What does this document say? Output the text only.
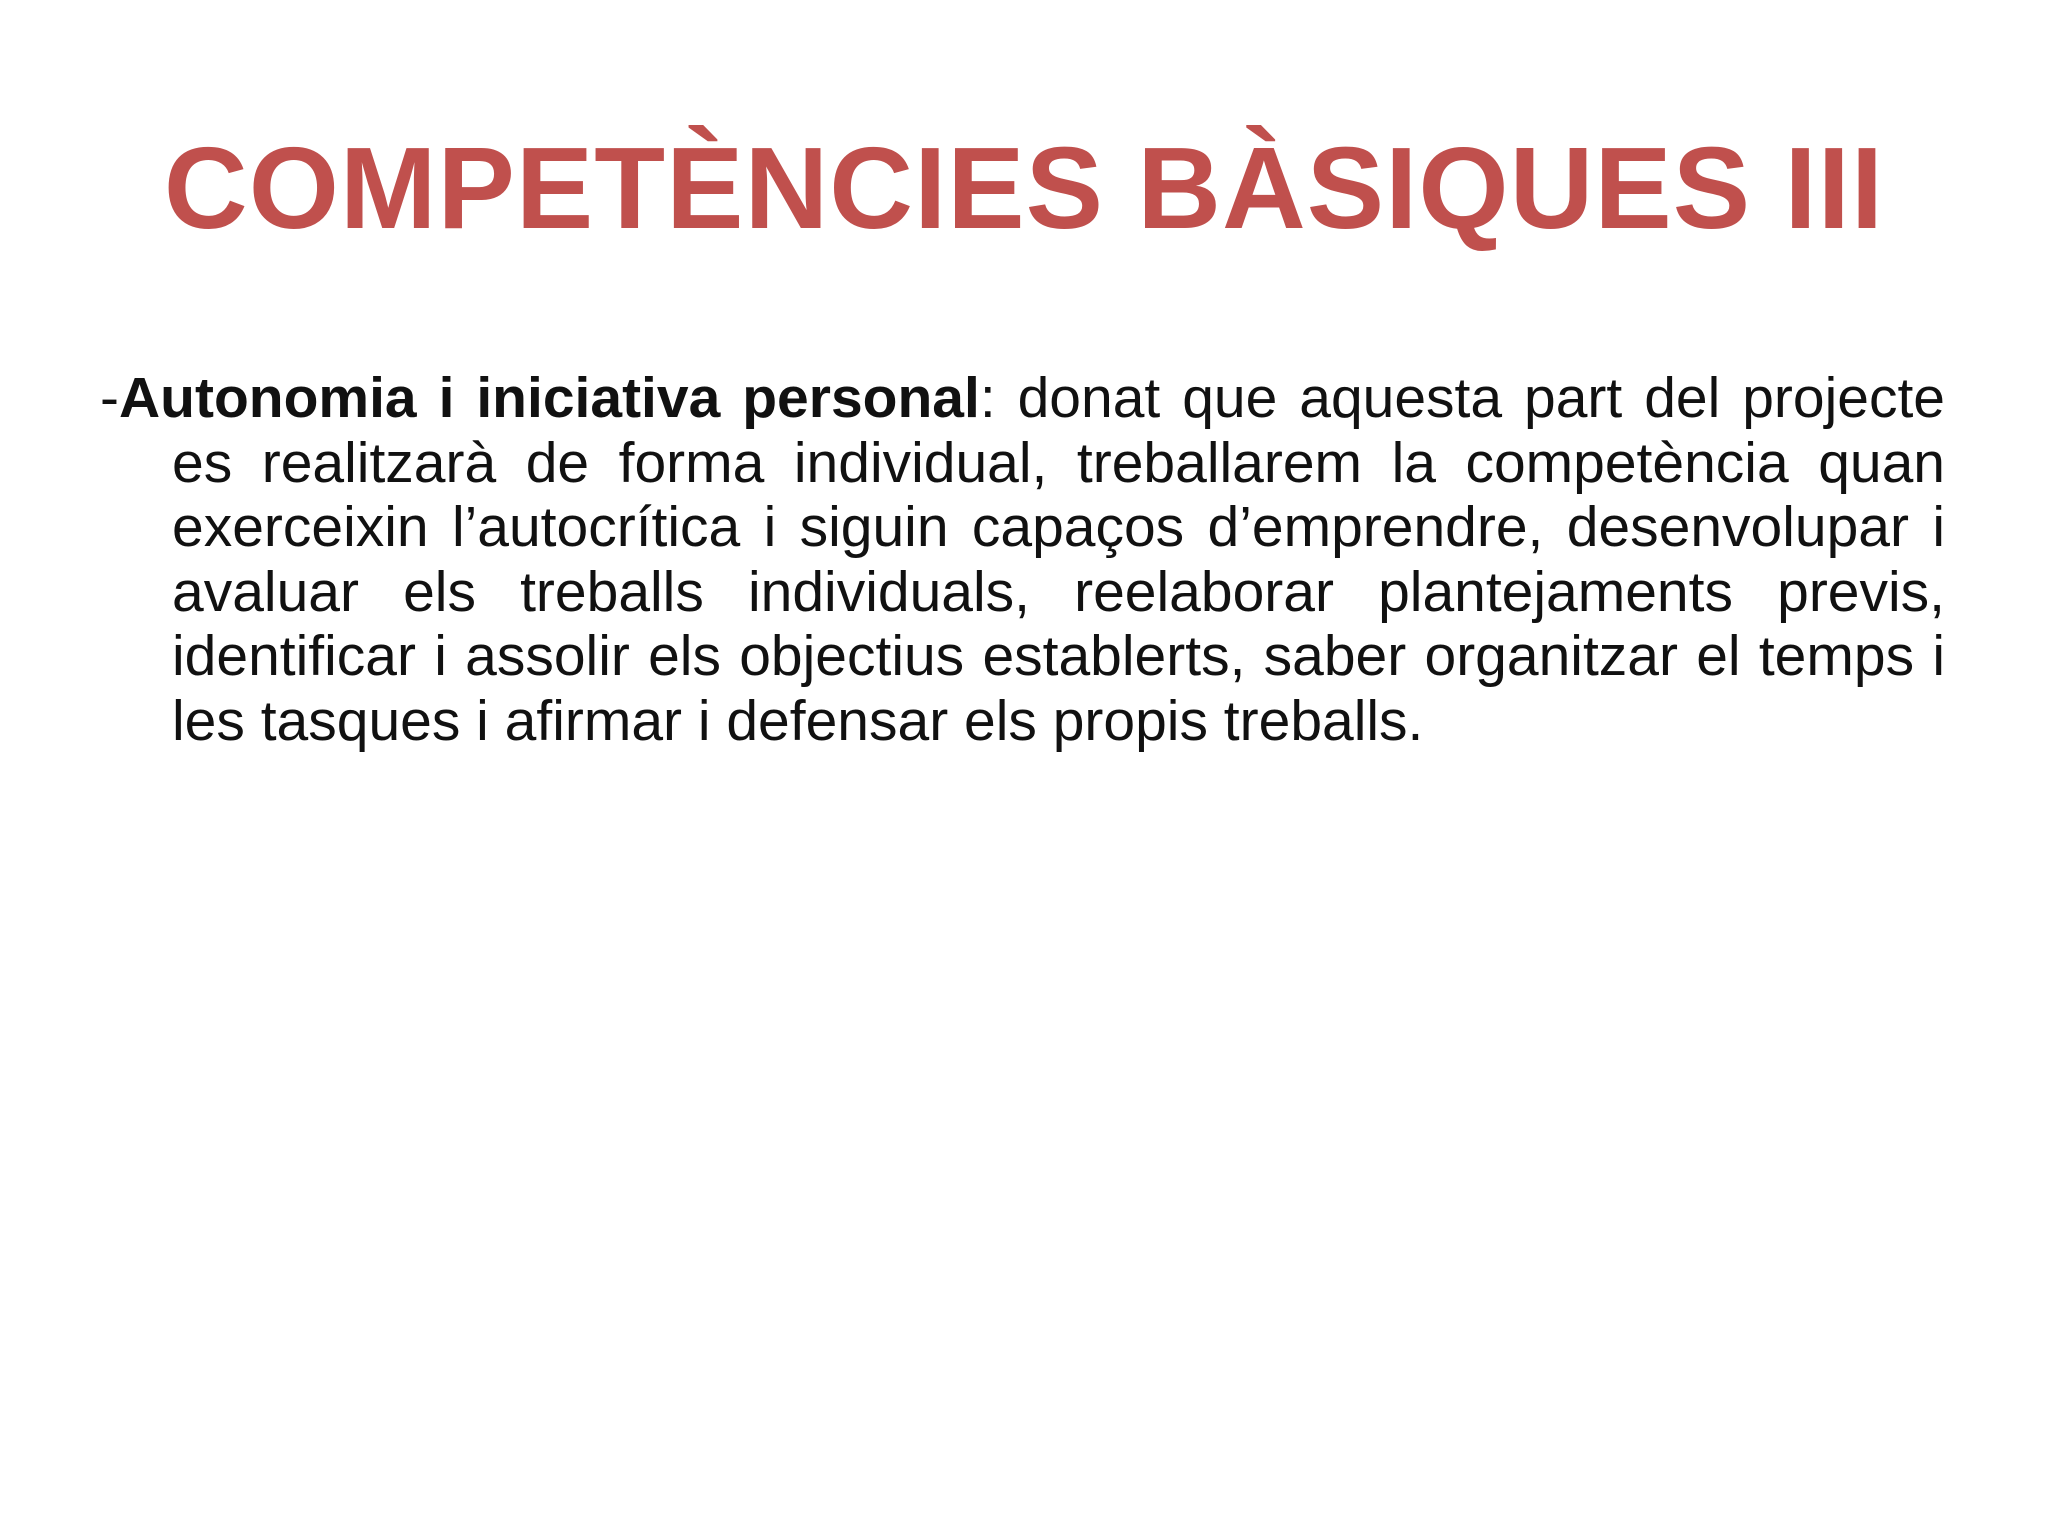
COMPETÈNCIES BÀSIQUES III

-Autonomia i iniciativa personal: donat que aquesta part del projecte es realitzarà de forma individual, treballarem la competència quan exerceixin l’autocrítica i siguin capaços d’emprendre, desenvolupar i avaluar els treballs individuals, reelaborar plantejaments previs, identificar i assolir els objectius establerts, saber organitzar el temps i les tasques i afirmar i defensar els propis treballs.
